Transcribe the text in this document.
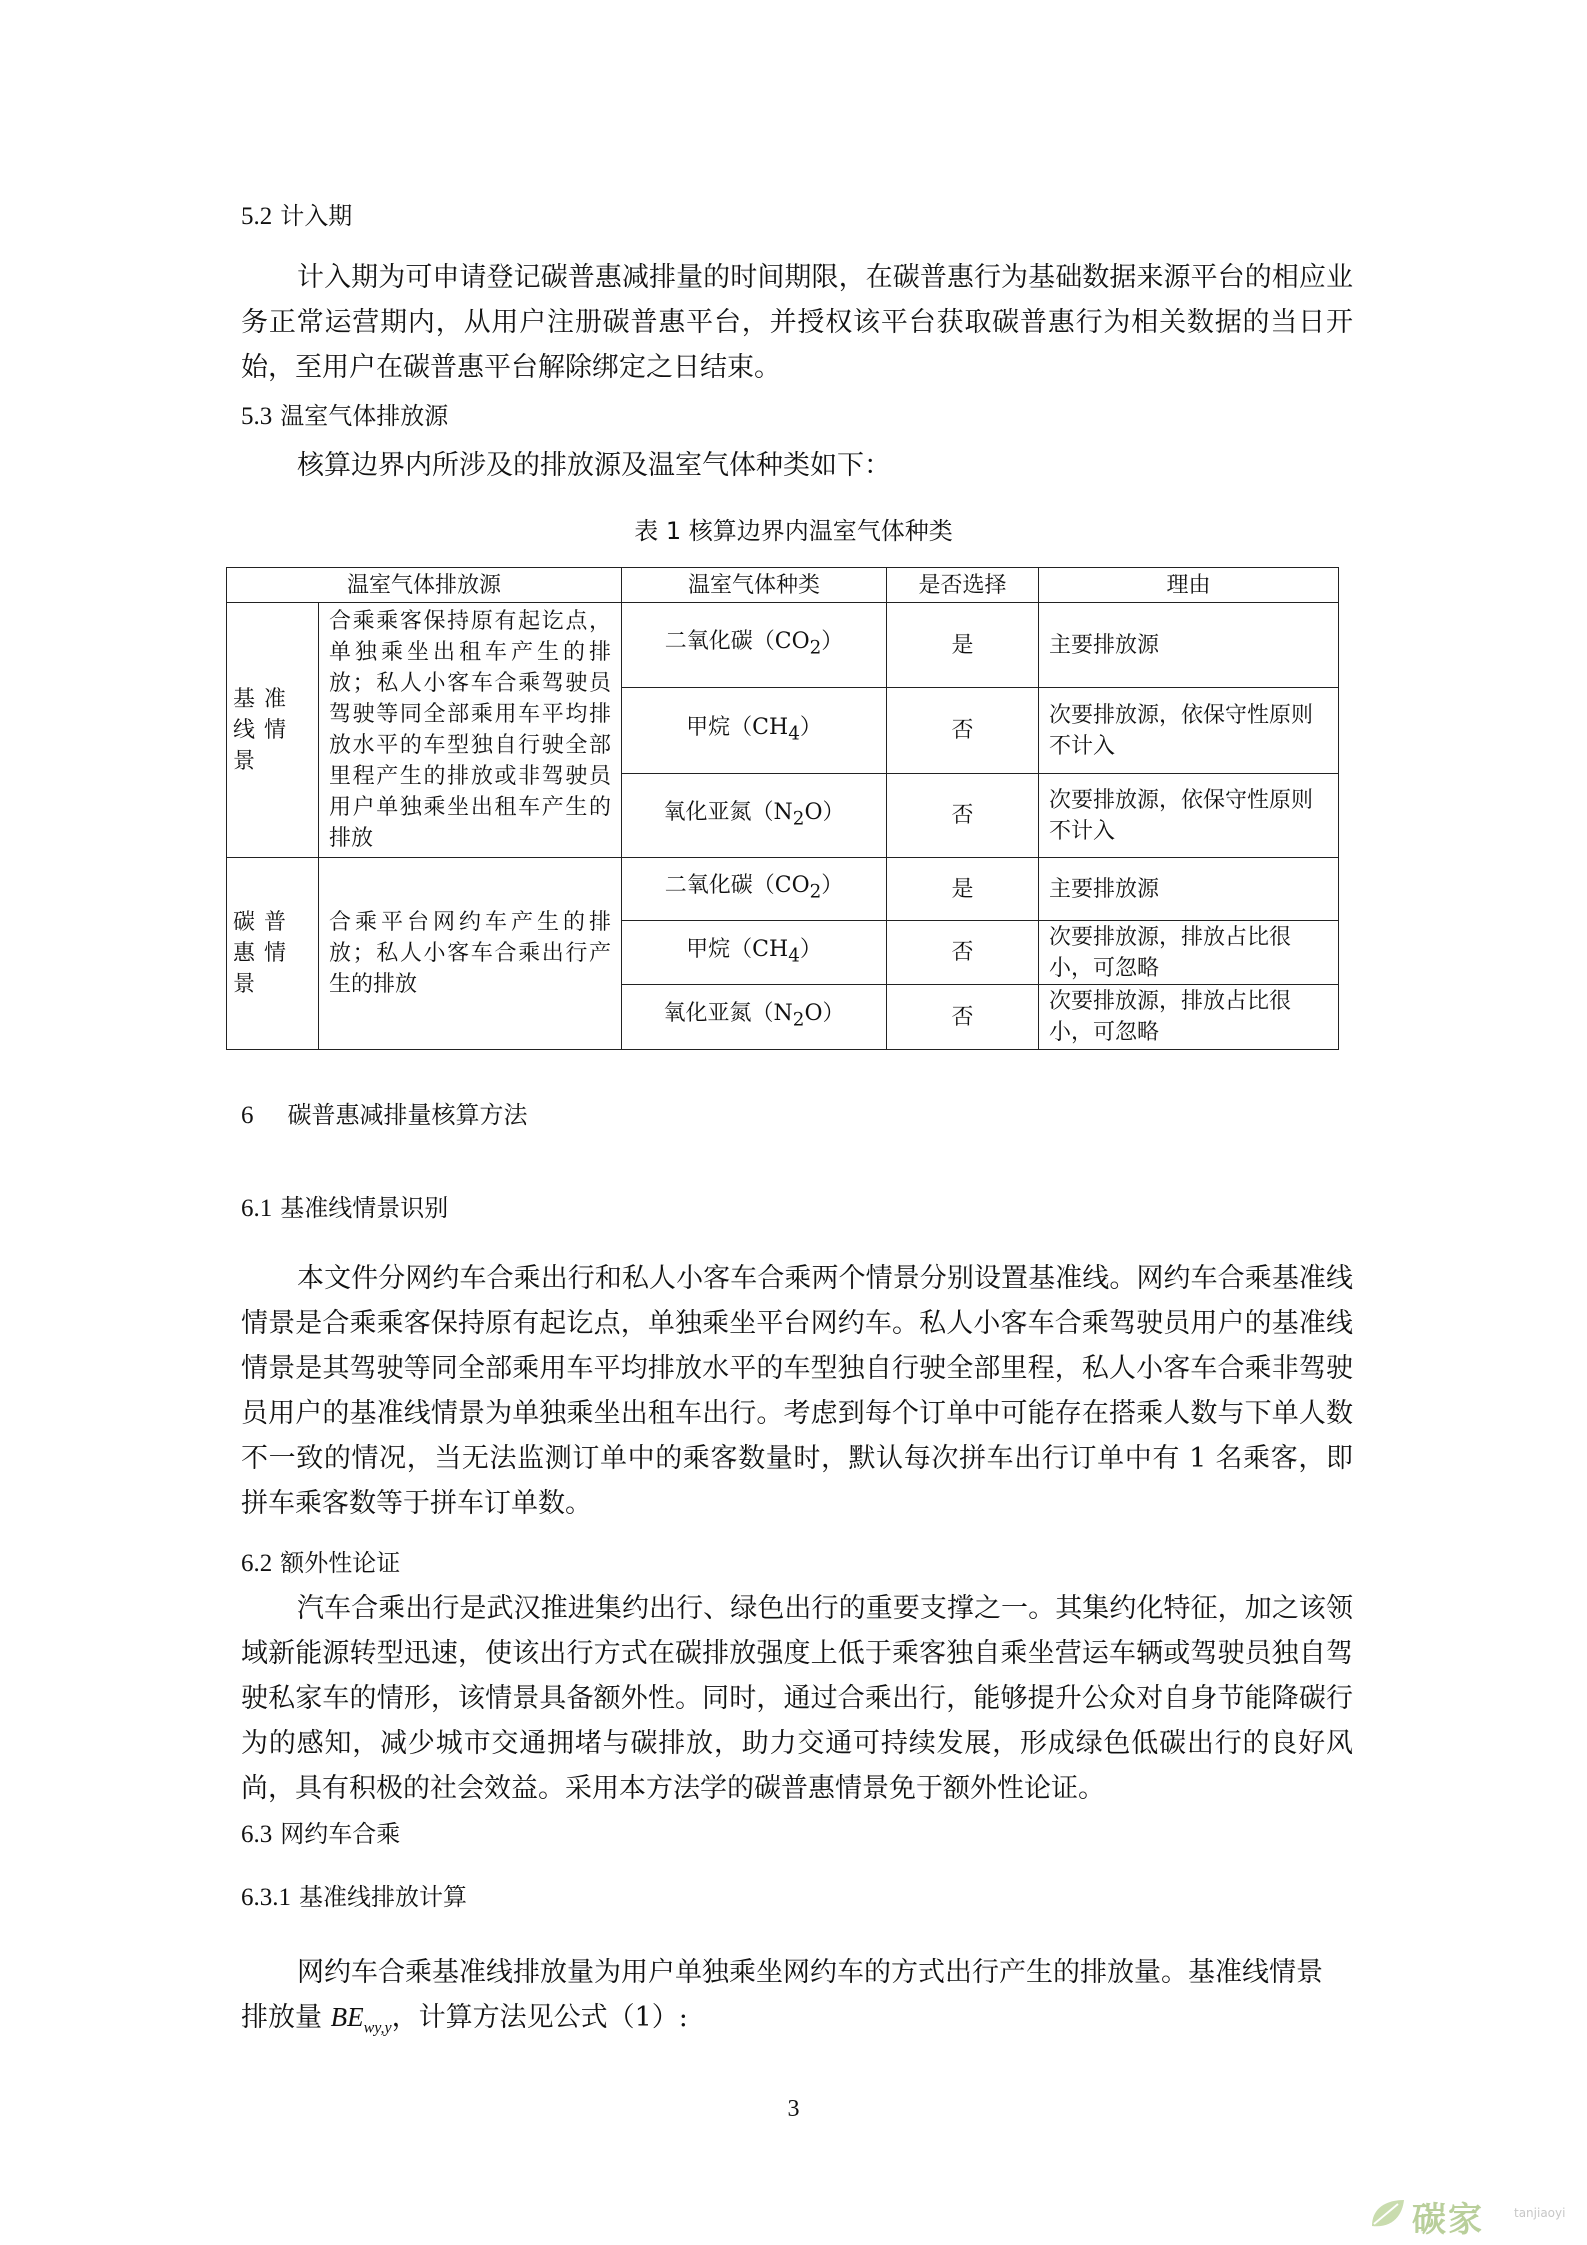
5.2 计入期
计入期为可申请登记碳普惠减排量的时间期限，在碳普惠行为基础数据来源平台的相应业务正常运营期内，从用户注册碳普惠平台，并授权该平台获取碳普惠行为相关数据的当日开始，至用户在碳普惠平台解除绑定之日结束。
5.3 温室气体排放源
核算边界内所涉及的排放源及温室气体种类如下：
表 1 核算边界内温室气体种类
温室气体排放源		温室气体种类	是否选择	理由

基 准
线 情
景	合乘乘客保持原有起讫点，单独乘坐出租车产生的排放；私人小客车合乘驾驶员驾驶等同全部乘用车平均排放水平的车型独自行驶全部里程产生的排放或非驾驶员用户单独乘坐出租车产生的排放	二氧化碳$(CO_2)$	是	主要排放源
		甲烷$(CH_4)$	否	次要排放源，依保守性原则不计入
		氧化亚氮$(N_2O)$	否	次要排放源，依保守性原则不计入

碳 普
惠 情
景	合乘平台网约车产生的排放；私人小客车合乘出行产生的排放	二氧化碳$(CO_2)$	是	主要排放源
		甲烷$(CH_4)$	否	次要排放源，排放占比很小，可忽略
		氧化亚氮$(N_2O)$	否	次要排放源，排放占比很小，可忽略
6 碳普惠减排量核算方法
6.1 基准线情景识别
本文件分网约车合乘出行和私人小客车合乘两个情景分别设置基准线。网约车合乘基准线情景是合乘乘客保持原有起讫点，单独乘坐平台网约车。私人小客车合乘驾驶员用户的基准线情景是其驾驶等同全部乘用车平均排放水平的车型独自行驶全部里程，私人小客车合乘非驾驶员用户的基准线情景为单独乘坐出租车出行。考虑到每个订单中可能存在搭乘人数与下单人数不一致的情况，当无法监测订单中的乘客数量时，默认每次拼车出行订单中有 1 名乘客，即拼车乘客数等于拼车订单数。
6.2 额外性论证
汽车合乘出行是武汉推进集约出行、绿色出行的重要支撑之一。其集约化特征，加之该领域新能源转型迅速，使该出行方式在碳排放强度上低于乘客独自乘坐营运车辆或驾驶员独自驾驶私家车的情形，该情景具备额外性。同时，通过合乘出行，能够提升公众对自身节能降碳行为的感知，减少城市交通拥堵与碳排放，助力交通可持续发展，形成绿色低碳出行的良好风尚，具有积极的社会效益。采用本方法学的碳普惠情景免于额外性论证。
6.3 网约车合乘
6.3.1 基准线排放计算
网约车合乘基准线排放量为用户单独乘坐网约车的方式出行产生的排放量。基准线情景
排放量 $BE_{wy,y}$，计算方法见公式（1）:
3
碳家	tanjiaoyi
